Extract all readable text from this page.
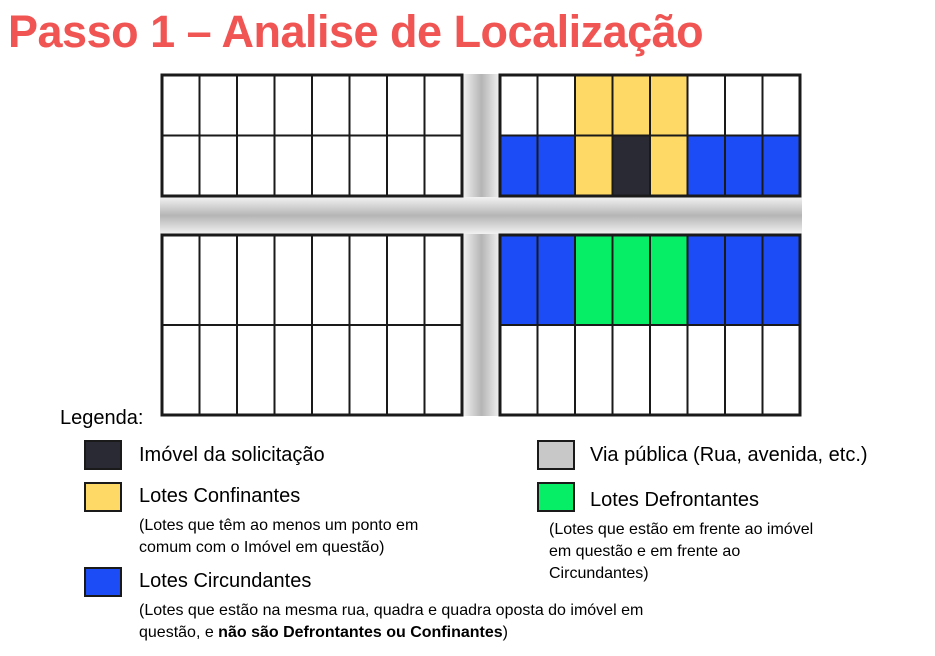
Passo 1 – Analise de Localização
Legenda:
Imóvel da solicitação
Lotes Confinantes
(Lotes que têm ao menos um ponto em
comum com o Imóvel em questão)
Lotes Circundantes
(Lotes que estão na mesma rua, quadra e quadra oposta do imóvel em
questão, e não são Defrontantes ou Confinantes)
Via pública (Rua, avenida, etc.)
Lotes Defrontantes
(Lotes que estão em frente ao imóvel
em questão e em frente ao
Circundantes)
